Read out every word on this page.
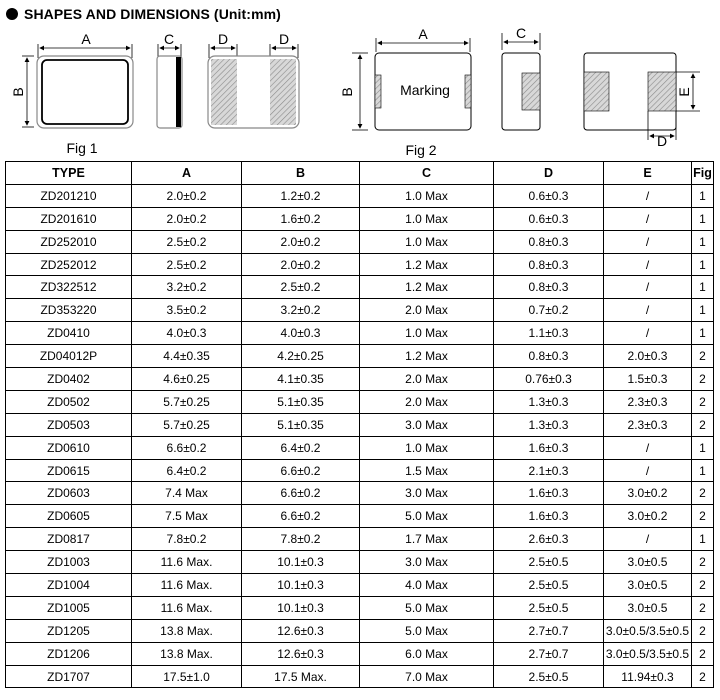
SHAPES AND DIMENSIONS (Unit:mm)
A
B
C	D	D
Fig 1
A
B	Marking
C
E
D
Fig 2
TYPE	A	B	C	D	E	Fig
ZD201210	2.0±0.2	1.2±0.2	1.0 Max	0.6±0.3	/	1
ZD201610	2.0±0.2	1.6±0.2	1.0 Max	0.6±0.3	/	1
ZD252010	2.5±0.2	2.0±0.2	1.0 Max	0.8±0.3	/	1
ZD252012	2.5±0.2	2.0±0.2	1.2 Max	0.8±0.3	/	1
ZD322512	3.2±0.2	2.5±0.2	1.2 Max	0.8±0.3	/	1
ZD353220	3.5±0.2	3.2±0.2	2.0 Max	0.7±0.2	/	1
ZD0410	4.0±0.3	4.0±0.3	1.0 Max	1.1±0.3	/	1
ZD04012P	4.4±0.35	4.2±0.25	1.2 Max	0.8±0.3	2.0±0.3	2
ZD0402	4.6±0.25	4.1±0.35	2.0 Max	0.76±0.3	1.5±0.3	2
ZD0502	5.7±0.25	5.1±0.35	2.0 Max	1.3±0.3	2.3±0.3	2
ZD0503	5.7±0.25	5.1±0.35	3.0 Max	1.3±0.3	2.3±0.3	2
ZD0610	6.6±0.2	6.4±0.2	1.0 Max	1.6±0.3	/	1
ZD0615	6.4±0.2	6.6±0.2	1.5 Max	2.1±0.3	/	1
ZD0603	7.4 Max	6.6±0.2	3.0 Max	1.6±0.3	3.0±0.2	2
ZD0605	7.5 Max	6.6±0.2	5.0 Max	1.6±0.3	3.0±0.2	2
ZD0817	7.8±0.2	7.8±0.2	1.7 Max	2.6±0.3	/	1
ZD1003	11.6 Max.	10.1±0.3	3.0 Max	2.5±0.5	3.0±0.5	2
ZD1004	11.6 Max.	10.1±0.3	4.0 Max	2.5±0.5	3.0±0.5	2
ZD1005	11.6 Max.	10.1±0.3	5.0 Max	2.5±0.5	3.0±0.5	2
ZD1205	13.8 Max.	12.6±0.3	5.0 Max	2.7±0.7	3.0±0.5/3.5±0.5	2
ZD1206	13.8 Max.	12.6±0.3	6.0 Max	2.7±0.7	3.0±0.5/3.5±0.5	2
ZD1707	17.5±1.0	17.5 Max.	7.0 Max	2.5±0.5	11.94±0.3	2
